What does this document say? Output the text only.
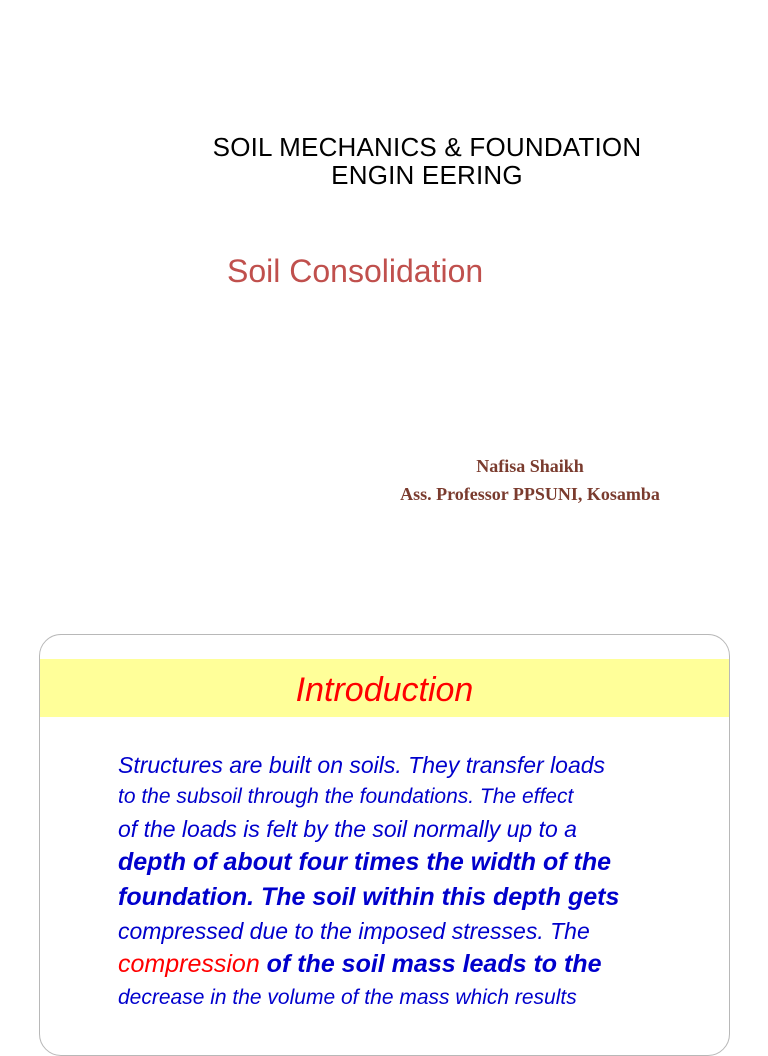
SOIL MECHANICS & FOUNDATION
ENGIN EERING
Soil Consolidation
Nafisa Shaikh
Ass. Professor PPSUNI, Kosamba
Introduction
Structures are built on soils. They transfer loads
to the subsoil through the foundations. The effect
of the loads is felt by the soil normally up to a
depth of about four times the width of the
foundation. The soil within this depth gets
compressed due to the imposed stresses. The
compression of the soil mass leads to the
decrease in the volume of the mass which results
